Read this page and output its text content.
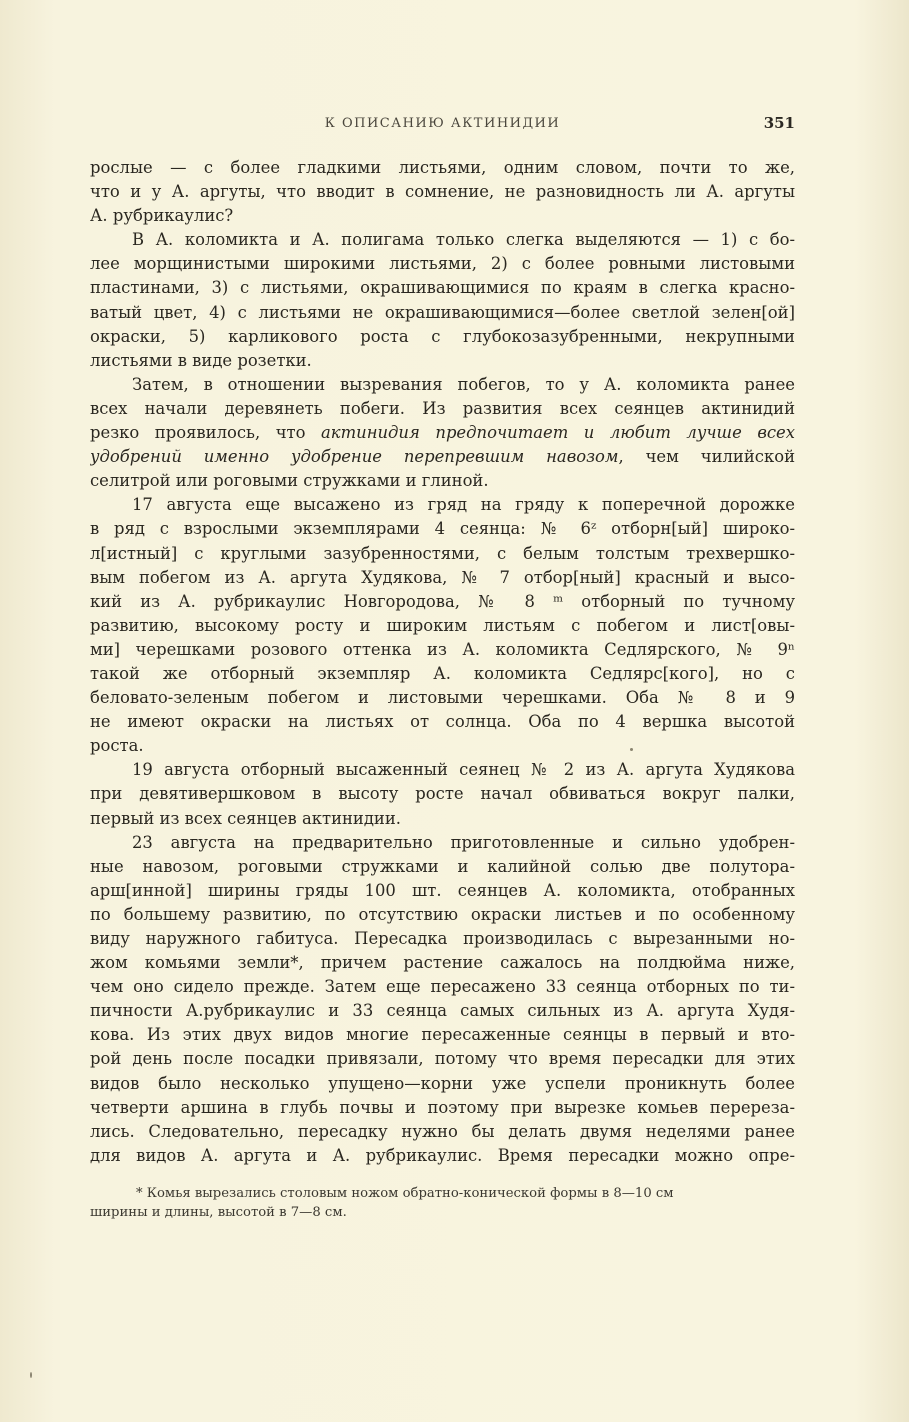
К ОПИСАНИЮ АКТИНИДИИ	351
рослые — с более гладкими листьями, одним словом, почти то же,
что и у А. аргуты, что вводит в сомнение, не разновидность ли А. аргуты
А. рубрикаулис?
В А. коломикта и А. полигама только слегка выделяются — 1) с бо-
лее морщинистыми широкими листьями, 2) с более ровными листовыми
пластинами, 3) с листьями, окрашивающимися по краям в слегка красно-
ватый цвет, 4) с листьями не окрашивающимися—более светлой зелен[ой]
окраски, 5) карликового роста с глубокозазубренными, некрупными
листьями в виде розетки.
Затем, в отношении вызревания побегов, то у А. коломикта ранее
всех начали деревянеть побеги. Из развития всех сеянцев актинидий
резко проявилось, что актинидия предпочитает и любит лучше всех
удобрений именно удобрение перепревшим навозом, чем чилийской
селитрой или роговыми стружками и глиной.
17 августа еще высажено из гряд на гряду к поперечной дорожке
в ряд с взрослыми экземплярами 4 сеянца: № 6ᶻ отборн[ый] широко-
л[истный] с круглыми зазубренностями, с белым толстым трехвершко-
вым побегом из А. аргута Худякова, № 7 отбор[ный] красный и высо-
кий из А. рубрикаулис Новгородова, № 8 ᵐ отборный по тучному
развитию, высокому росту и широким листьям с побегом и лист[овы-
ми] черешками розового оттенка из А. коломикта Седлярского, № 9ⁿ
такой же отборный экземпляр А. коломикта Седлярс[кого], но с
беловато-зеленым побегом и листовыми черешками. Оба № 8 и 9
не имеют окраски на листьях от солнца. Оба по 4 вершка высотой
роста.
19 августа отборный высаженный сеянец № 2 из А. аргута Худякова
при девятивершковом в высоту росте начал обвиваться вокруг палки,
первый из всех сеянцев актинидии.
23 августа на предварительно приготовленные и сильно удобрен-
ные навозом, роговыми стружками и калийной солью две полутора-
арш[инной] ширины гряды 100 шт. сеянцев А. коломикта, отобранных
по большему развитию, по отсутствию окраски листьев и по особенному
виду наружного габитуса. Пересадка производилась с вырезанными но-
жом комьями земли*, причем растение сажалось на полдюйма ниже,
чем оно сидело прежде. Затем еще пересажено 33 сеянца отборных по ти-
пичности А.рубрикаулис и 33 сеянца самых сильных из А. аргута Худя-
кова. Из этих двух видов многие пересаженные сеянцы в первый и вто-
рой день после посадки привязали, потому что время пересадки для этих
видов было несколько упущено—корни уже успели проникнуть более
четверти аршина в глубь почвы и поэтому при вырезке комьев перереза-
лись. Следовательно, пересадку нужно бы делать двумя неделями ранее
для видов А. аргута и А. рубрикаулис. Время пересадки можно опре-
* Комья вырезались столовым ножом обратно-конической формы в 8—10 см
ширины и длины, высотой в 7—8 см.
